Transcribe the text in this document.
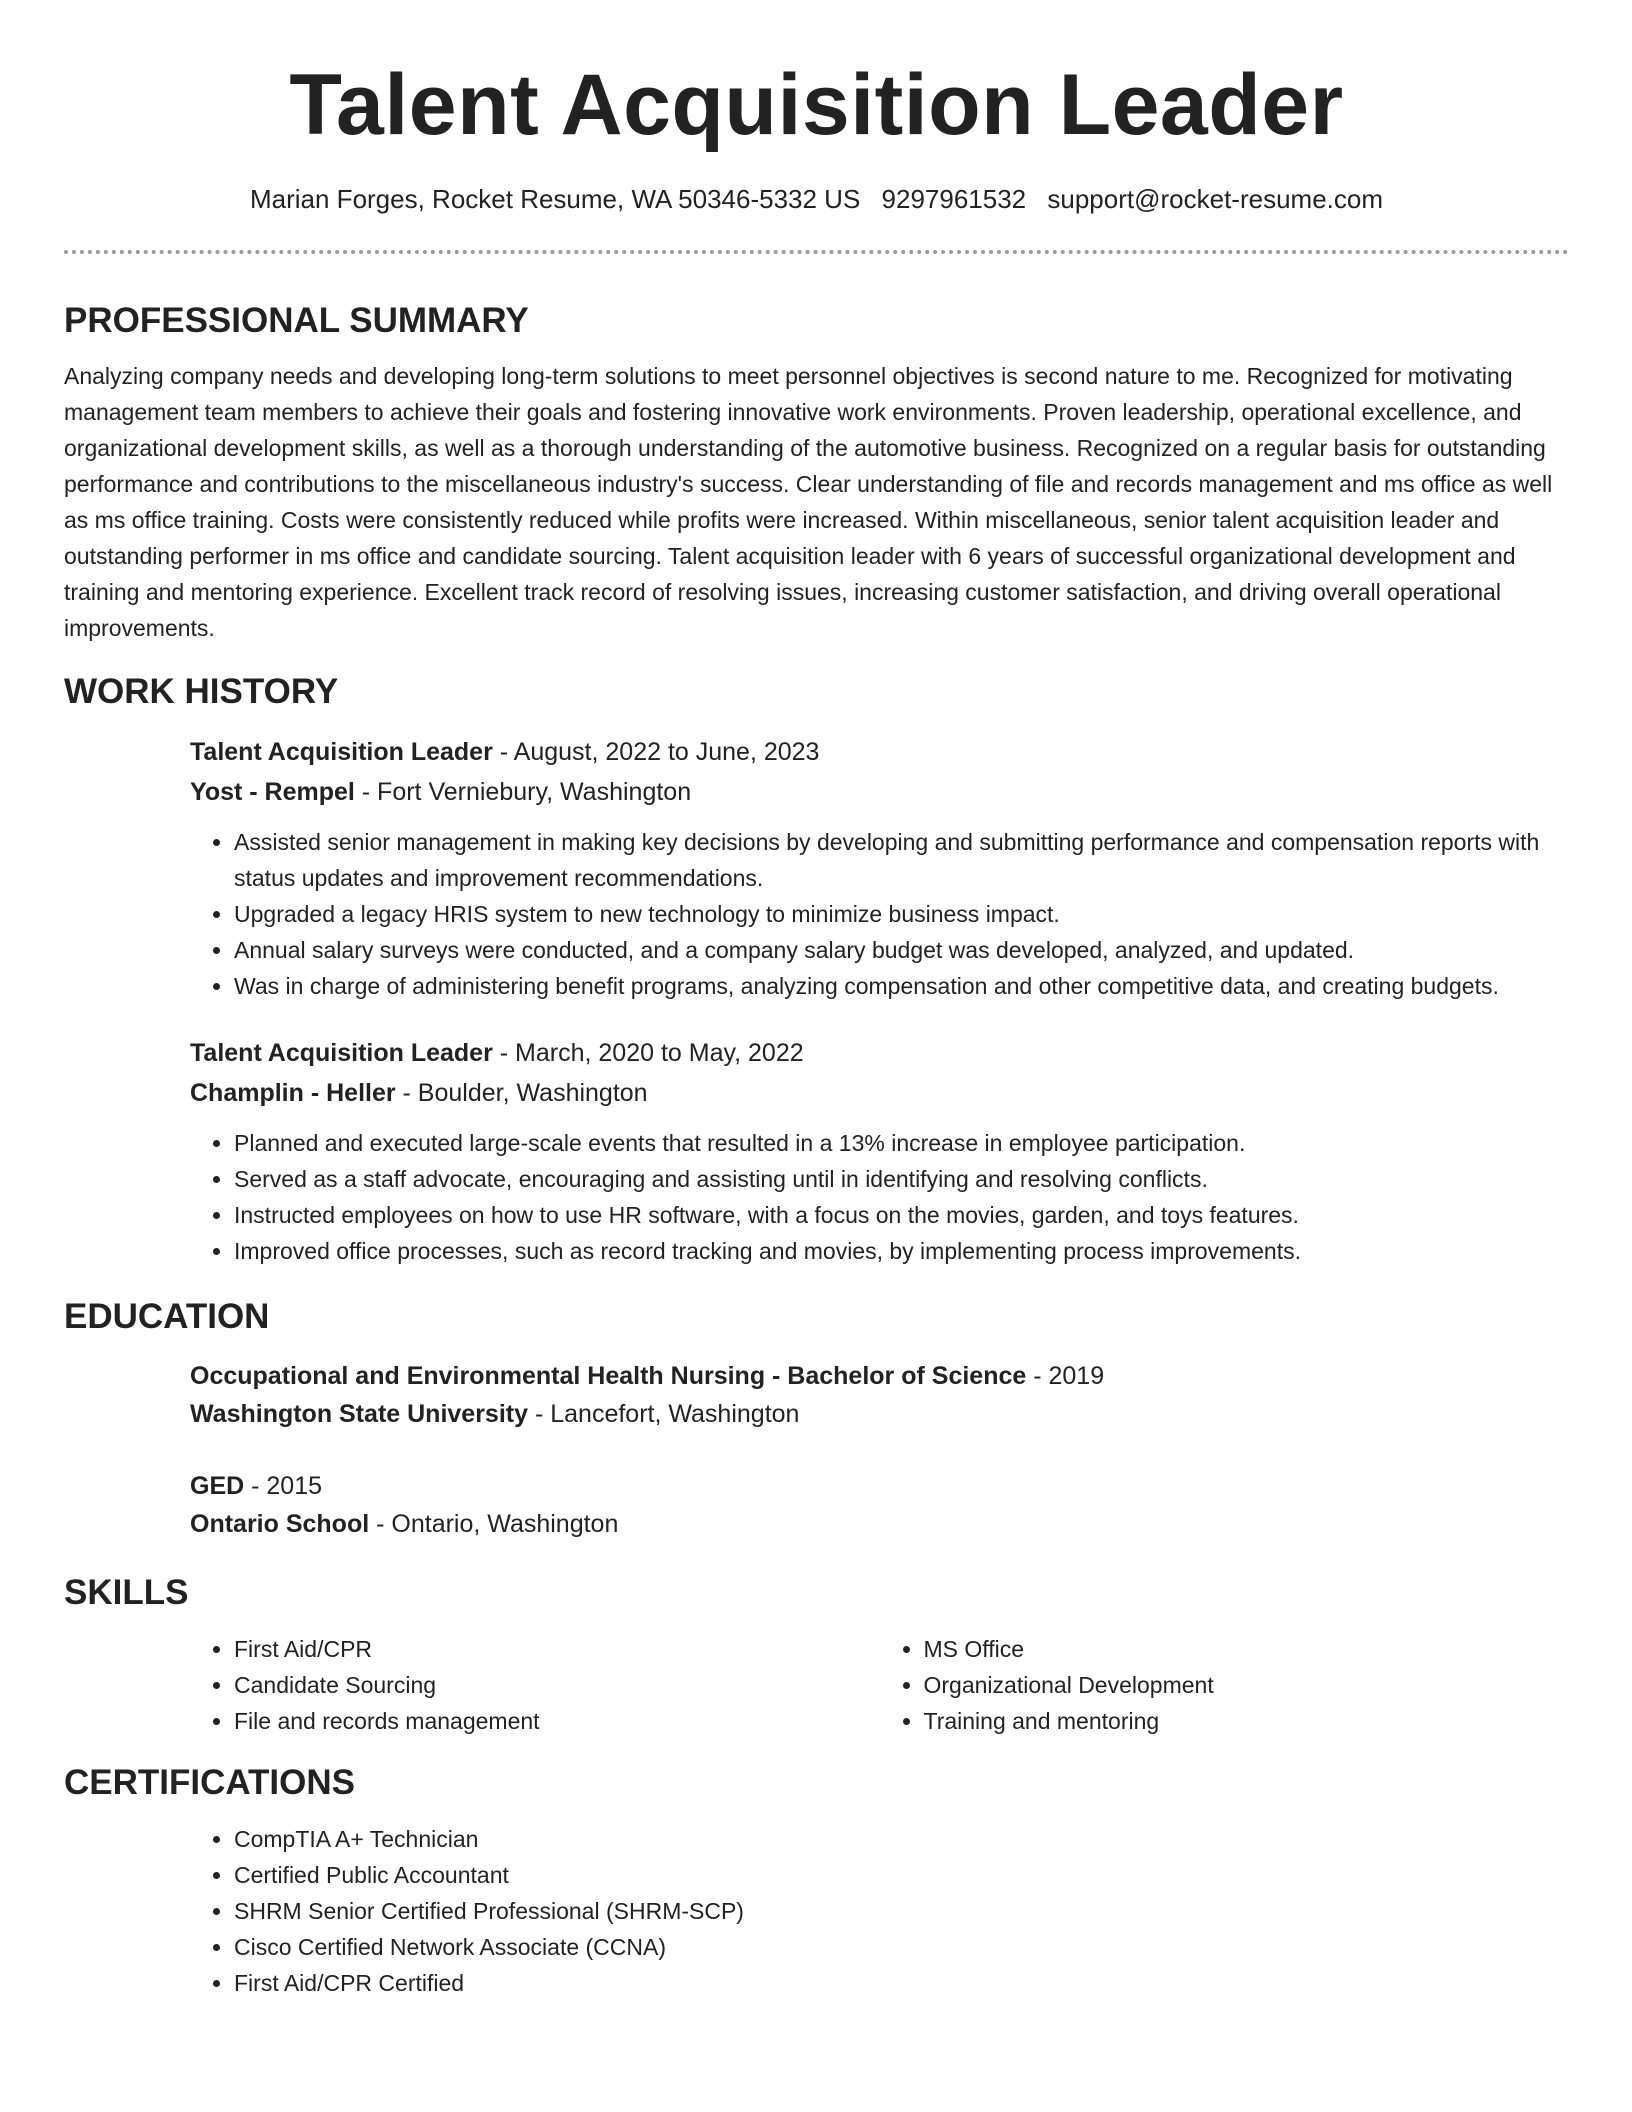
Talent Acquisition Leader
Marian Forges, Rocket Resume, WA 50346-5332 US 9297961532 support@rocket-resume.com
PROFESSIONAL SUMMARY

Analyzing company needs and developing long-term solutions to meet personnel objectives is second nature to me. Recognized for motivating management team members to achieve their goals and fostering innovative work environments. Proven leadership, operational excellence, and organizational development skills, as well as a thorough understanding of the automotive business. Recognized on a regular basis for outstanding performance and contributions to the miscellaneous industry's success. Clear understanding of file and records management and ms office as well as ms office training. Costs were consistently reduced while profits were increased. Within miscellaneous, senior talent acquisition leader and outstanding performer in ms office and candidate sourcing. Talent acquisition leader with 6 years of successful organizational development and training and mentoring experience. Excellent track record of resolving issues, increasing customer satisfaction, and driving overall operational improvements.

WORK HISTORY
Talent Acquisition Leader - August, 2022 to June, 2023
Yost - Rempel - Fort Verniebury, Washington
• Assisted senior management in making key decisions by developing and submitting performance and compensation reports with status updates and improvement recommendations.
• Upgraded a legacy HRIS system to new technology to minimize business impact.
• Annual salary surveys were conducted, and a company salary budget was developed, analyzed, and updated.
• Was in charge of administering benefit programs, analyzing compensation and other competitive data, and creating budgets.
Talent Acquisition Leader - March, 2020 to May, 2022
Champlin - Heller - Boulder, Washington
• Planned and executed large-scale events that resulted in a 13% increase in employee participation.
• Served as a staff advocate, encouraging and assisting until in identifying and resolving conflicts.
• Instructed employees on how to use HR software, with a focus on the movies, garden, and toys features.
• Improved office processes, such as record tracking and movies, by implementing process improvements.
EDUCATION
Occupational and Environmental Health Nursing - Bachelor of Science - 2019
Washington State University - Lancefort, Washington
GED - 2015
Ontario School - Ontario, Washington
SKILLS
• First Aid/CPR
• Candidate Sourcing
• File and records management
• MS Office
• Organizational Development
• Training and mentoring
CERTIFICATIONS
• CompTIA A+ Technician
• Certified Public Accountant
• SHRM Senior Certified Professional (SHRM-SCP)
• Cisco Certified Network Associate (CCNA)
• First Aid/CPR Certified
